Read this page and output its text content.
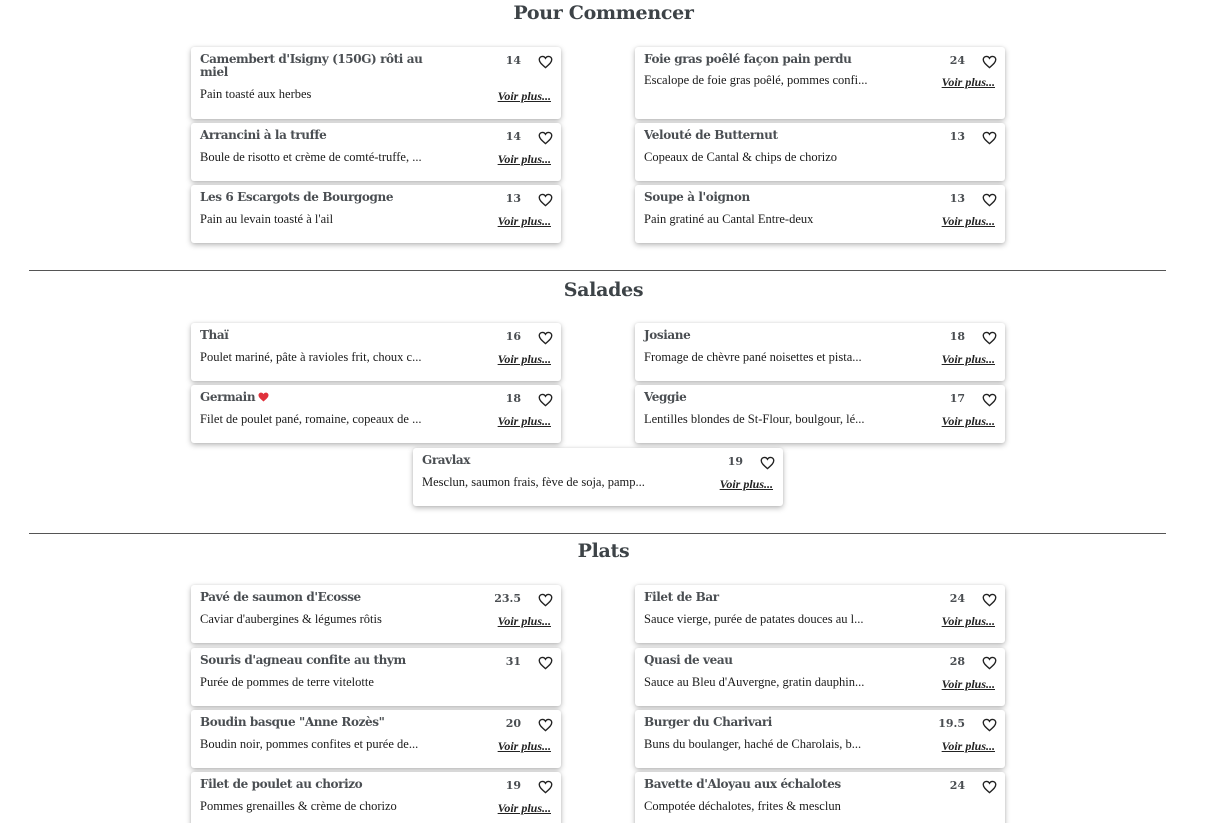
Pour Commencer
Camembert d'Isigny (150G) rôti au miel
14
Pain toasté aux herbes	Voir plus...
Foie gras poêlé façon pain perdu	24
Escalope de foie gras poêlé, pommes confi...	Voir plus...
Arrancini à la truffe	14
Boule de risotto et crème de comté-truffe, ...	Voir plus...
Velouté de Butternut	13
Copeaux de Cantal & chips de chorizo
Les 6 Escargots de Bourgogne	13
Pain au levain toasté à l'ail	Voir plus...
Soupe à l'oignon	13
Pain gratiné au Cantal Entre-deux	Voir plus...
Salades
Thaï	16
Poulet mariné, pâte à ravioles frit, choux c...	Voir plus...
Josiane	18
Fromage de chèvre pané noisettes et pista...	Voir plus...
Germain	18
Filet de poulet pané, romaine, copeaux de ...	Voir plus...
Veggie	17
Lentilles blondes de St-Flour, boulgour, lé...	Voir plus...
Gravlax	19
Mesclun, saumon frais, fève de soja, pamp...	Voir plus...
Plats
Pavé de saumon d'Ecosse	23.5
Caviar d'aubergines & légumes rôtis	Voir plus...
Filet de Bar	24
Sauce vierge, purée de patates douces au l...	Voir plus...
Souris d'agneau confite au thym	31
Purée de pommes de terre vitelotte
Quasi de veau	28
Sauce au Bleu d'Auvergne, gratin dauphin...	Voir plus...
Boudin basque "Anne Rozès"	20
Boudin noir, pommes confites et purée de...	Voir plus...
Burger du Charivari	19.5
Buns du boulanger, haché de Charolais, b...	Voir plus...
Filet de poulet au chorizo	19
Pommes grenailles & crème de chorizo	Voir plus...
Bavette d'Aloyau aux échalotes	24
Compotée déchalotes, frites & mesclun
